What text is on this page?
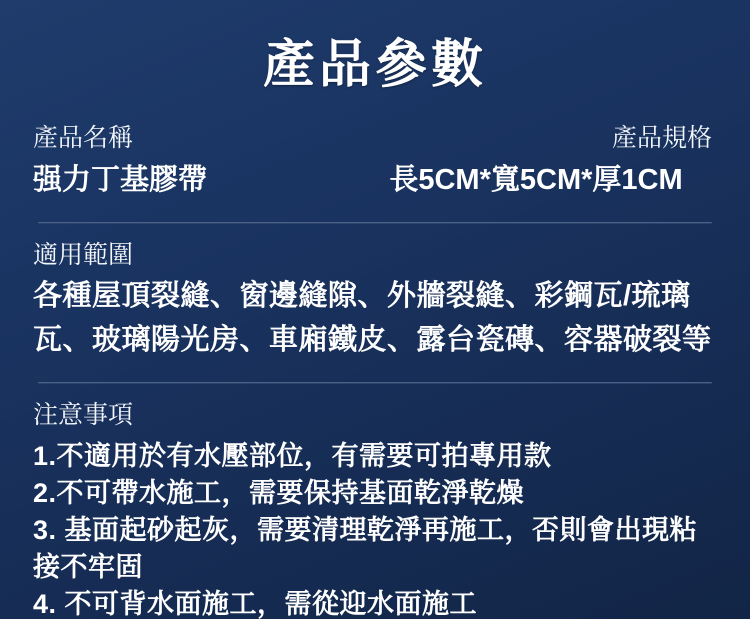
產品參數
產品名稱
强力丁基膠帶
產品規格
長5CM*寬5CM*厚1CM
適用範圍

各種屋頂裂縫、窗邊縫隙、外牆裂縫、彩鋼瓦/琉璃瓦、玻璃陽光房、車廂鐵皮、露台瓷磚、容器破裂等

注意事項
1.不適用於有水壓部位，有需要可拍專用款
2.不可帶水施工，需要保持基面乾淨乾燥
3. 基面起砂起灰，需要清理乾淨再施工，否則會出現粘接不牢固
4. 不可背水面施工，需從迎水面施工
